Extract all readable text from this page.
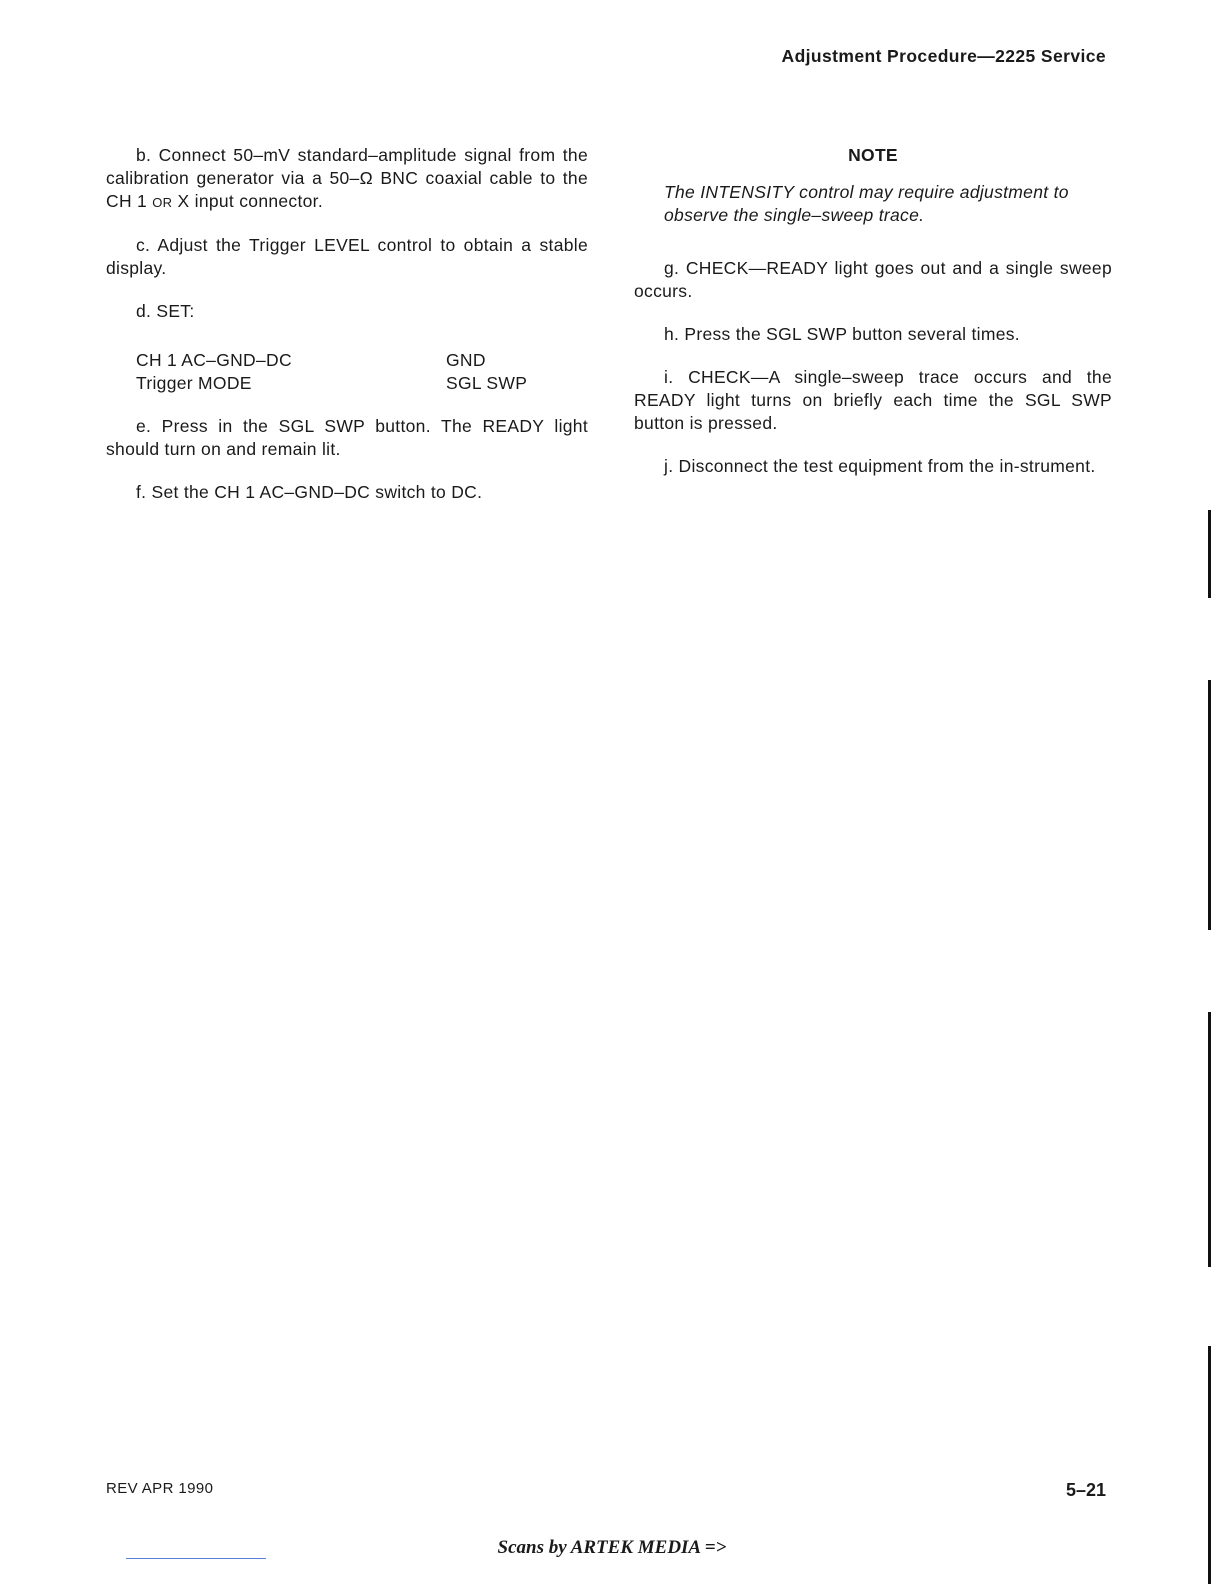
Adjustment Procedure—2225 Service

b. Connect 50–mV standard–amplitude signal from the calibration generator via a 50–Ω BNC coaxial cable to the CH 1 OR X input connector.

c. Adjust the Trigger LEVEL control to obtain a stable display.

d. SET:
CH 1 AC–GND–DC	GND
Trigger MODE	SGL SWP

e. Press in the SGL SWP button. The READY light should turn on and remain lit.

f. Set the CH 1 AC–GND–DC switch to DC.

NOTE

The INTENSITY control may require adjustment to observe the single–sweep trace.

g. CHECK—READY light goes out and a single sweep occurs.

h. Press the SGL SWP button several times.

i. CHECK—A single–sweep trace occurs and the READY light turns on briefly each time the SGL SWP button is pressed.

j. Disconnect the test equipment from the in-strument.

REV APR 1990	5–21
Scans by ARTEK MEDIA =>
